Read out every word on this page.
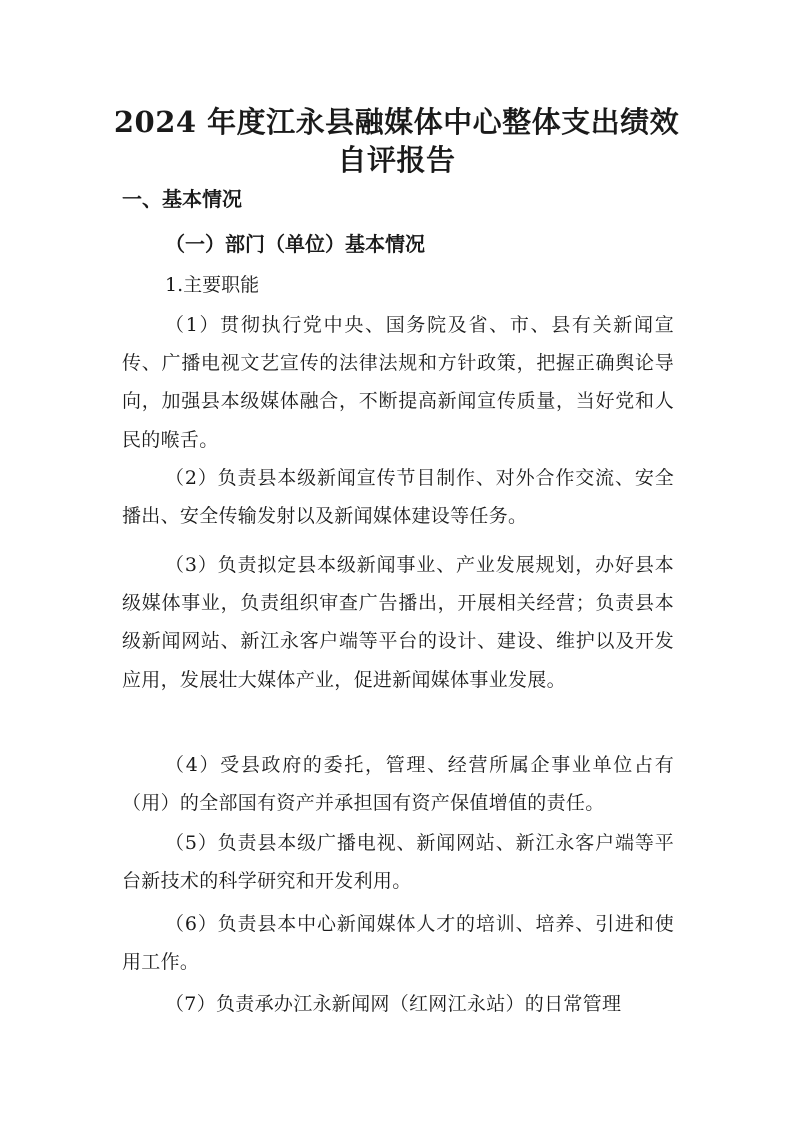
2024 年度江永县融媒体中心整体支出绩效
自评报告
一、基本情况
（一）部门（单位）基本情况
1.主要职能

（1）贯彻执行党中央、国务院及省、市、县有关新闻宣传、广播电视文艺宣传的法律法规和方针政策，把握正确舆论导向，加强县本级媒体融合，不断提高新闻宣传质量，当好党和人民的喉舌。

（2）负责县本级新闻宣传节目制作、对外合作交流、安全播出、安全传输发射以及新闻媒体建设等任务。

（3）负责拟定县本级新闻事业、产业发展规划，办好县本级媒体事业，负责组织审查广告播出，开展相关经营；负责县本级新闻网站、新江永客户端等平台的设计、建设、维护以及开发应用，发展壮大媒体产业，促进新闻媒体事业发展。

（4）受县政府的委托，管理、经营所属企事业单位占有（用）的全部国有资产并承担国有资产保值增值的责任。

（5）负责县本级广播电视、新闻网站、新江永客户端等平台新技术的科学研究和开发利用。

（6）负责县本中心新闻媒体人才的培训、培养、引进和使用工作。

（7）负责承办江永新闻网（红网江永站）的日常管理
